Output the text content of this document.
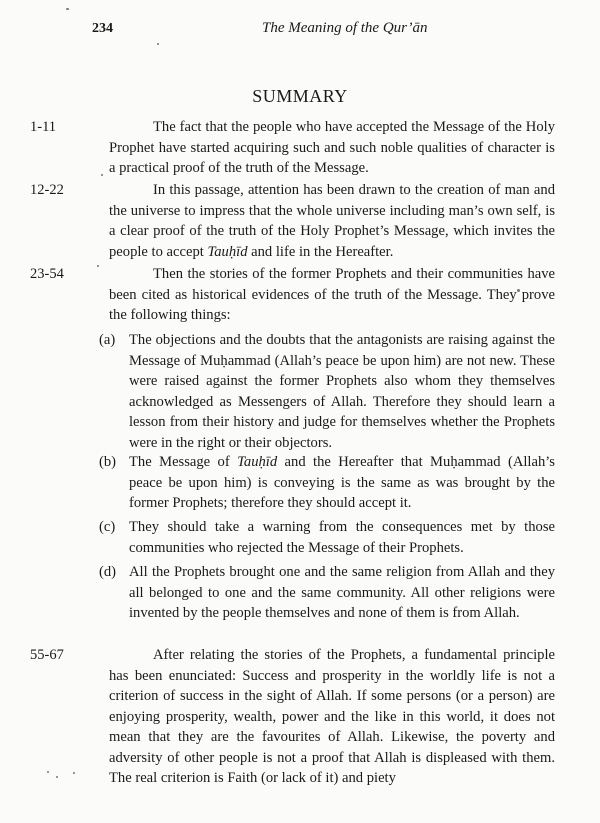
234	The Meaning of the Qur’ān
SUMMARY
1-11	The fact that the people who have accepted the Message of the Holy Prophet have started acquiring such and such noble qualities of character is a practical proof of the truth of the Message.
12-22	In this passage, attention has been drawn to the creation of man and the universe to impress that the whole universe including man’s own self, is a clear proof of the truth of the Holy Prophet’s Message, which invites the people to accept Tauḥīd and life in the Hereafter.
23-54	Then the stories of the former Prophets and their communities have been cited as historical evidences of the truth of the Message. They prove the following things:
(a) The objections and the doubts that the antagonists are raising against the Message of Muḥammad (Allah’s peace be upon him) are not new. These were raised against the former Prophets also whom they themselves acknowledged as Messengers of Allah. Therefore they should learn a lesson from their history and judge for themselves whether the Prophets were in the right or their objectors.
(b) The Message of Tauḥīd and the Hereafter that Muḥammad (Allah’s peace be upon him) is conveying is the same as was brought by the former Prophets; therefore they should accept it.
(c) They should take a warning from the consequences met by those communities who rejected the Message of their Prophets.
(d) All the Prophets brought one and the same religion from Allah and they all belonged to one and the same community. All other religions were invented by the people themselves and none of them is from Allah.
55-67	After relating the stories of the Prophets, a fundamental principle has been enunciated: Success and prosperity in the worldly life is not a criterion of success in the sight of Allah. If some persons (or a person) are enjoying prosperity, wealth, power and the like in this world, it does not mean that they are the favourites of Allah. Likewise, the poverty and adversity of other people is not a proof that Allah is displeased with them. The real criterion is Faith (or lack of it) and piety
